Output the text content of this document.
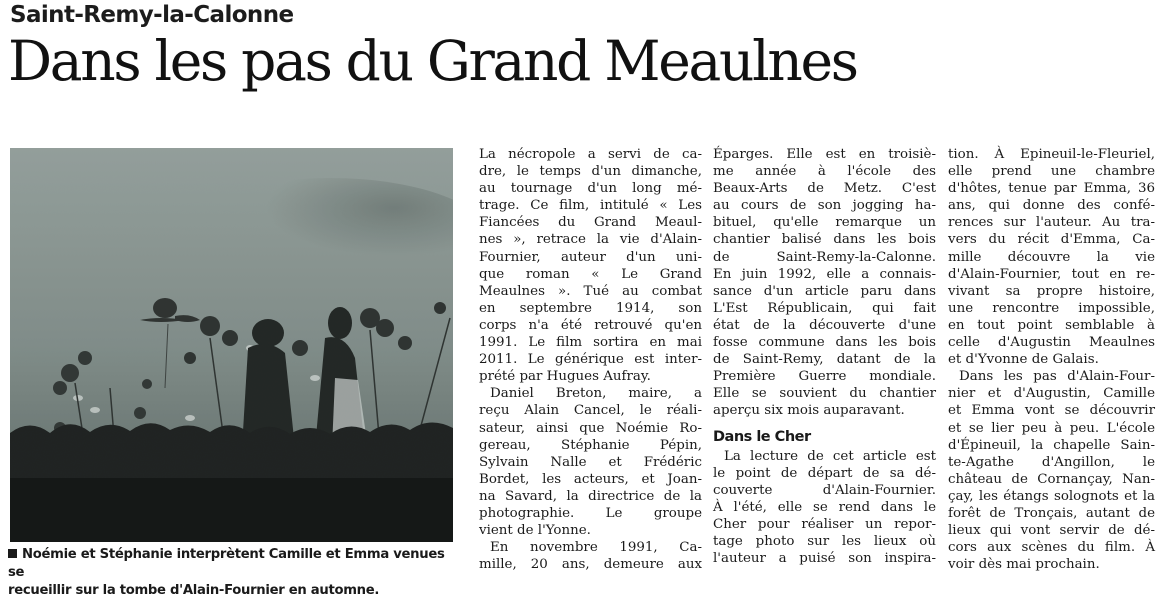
Saint-Remy-la-Calonne
Dans les pas du Grand Meaulnes
Noémie et Stéphanie interprètent Camille et Emma venues se
recueillir sur la tombe d'Alain-Fournier en automne.
La nécropole a servi de ca-
dre, le temps d'un dimanche,
au tournage d'un long mé-
trage. Ce film, intitulé « Les
Fiancées du Grand Meaul-
nes », retrace la vie d'Alain-
Fournier, auteur d'un uni-
que roman « Le Grand
Meaulnes ». Tué au combat
en septembre 1914, son
corps n'a été retrouvé qu'en
1991. Le film sortira en mai
2011. Le générique est inter-
prété par Hugues Aufray.
Daniel Breton, maire, a
reçu Alain Cancel, le réali-
sateur, ainsi que Noémie Ro-
gereau, Stéphanie Pépin,
Sylvain Nalle et Frédéric
Bordet, les acteurs, et Joan-
na Savard, la directrice de la
photographie. Le groupe
vient de l'Yonne.
En novembre 1991, Ca-
mille, 20 ans, demeure aux
Éparges. Elle est en troisiè-
me année à l'école des
Beaux-Arts de Metz. C'est
au cours de son jogging ha-
bituel, qu'elle remarque un
chantier balisé dans les bois
de Saint-Remy-la-Calonne.
En juin 1992, elle a connais-
sance d'un article paru dans
L'Est Républicain, qui fait
état de la découverte d'une
fosse commune dans les bois
de Saint-Remy, datant de la
Première Guerre mondiale.
Elle se souvient du chantier
aperçu six mois auparavant.
Dans le Cher
La lecture de cet article est
le point de départ de sa dé-
couverte d'Alain-Fournier.
À l'été, elle se rend dans le
Cher pour réaliser un repor-
tage photo sur les lieux où
l'auteur a puisé son inspira-
tion. À Epineuil-le-Fleuriel,
elle prend une chambre
d'hôtes, tenue par Emma, 36
ans, qui donne des confé-
rences sur l'auteur. Au tra-
vers du récit d'Emma, Ca-
mille découvre la vie
d'Alain-Fournier, tout en re-
vivant sa propre histoire,
une rencontre impossible,
en tout point semblable à
celle d'Augustin Meaulnes
et d'Yvonne de Galais.
Dans les pas d'Alain-Four-
nier et d'Augustin, Camille
et Emma vont se découvrir
et se lier peu à peu. L'école
d'Épineuil, la chapelle Sain-
te-Agathe d'Angillon, le
château de Cornançay, Nan-
çay, les étangs solognots et la
forêt de Tronçais, autant de
lieux qui vont servir de dé-
cors aux scènes du film. À
voir dès mai prochain.
